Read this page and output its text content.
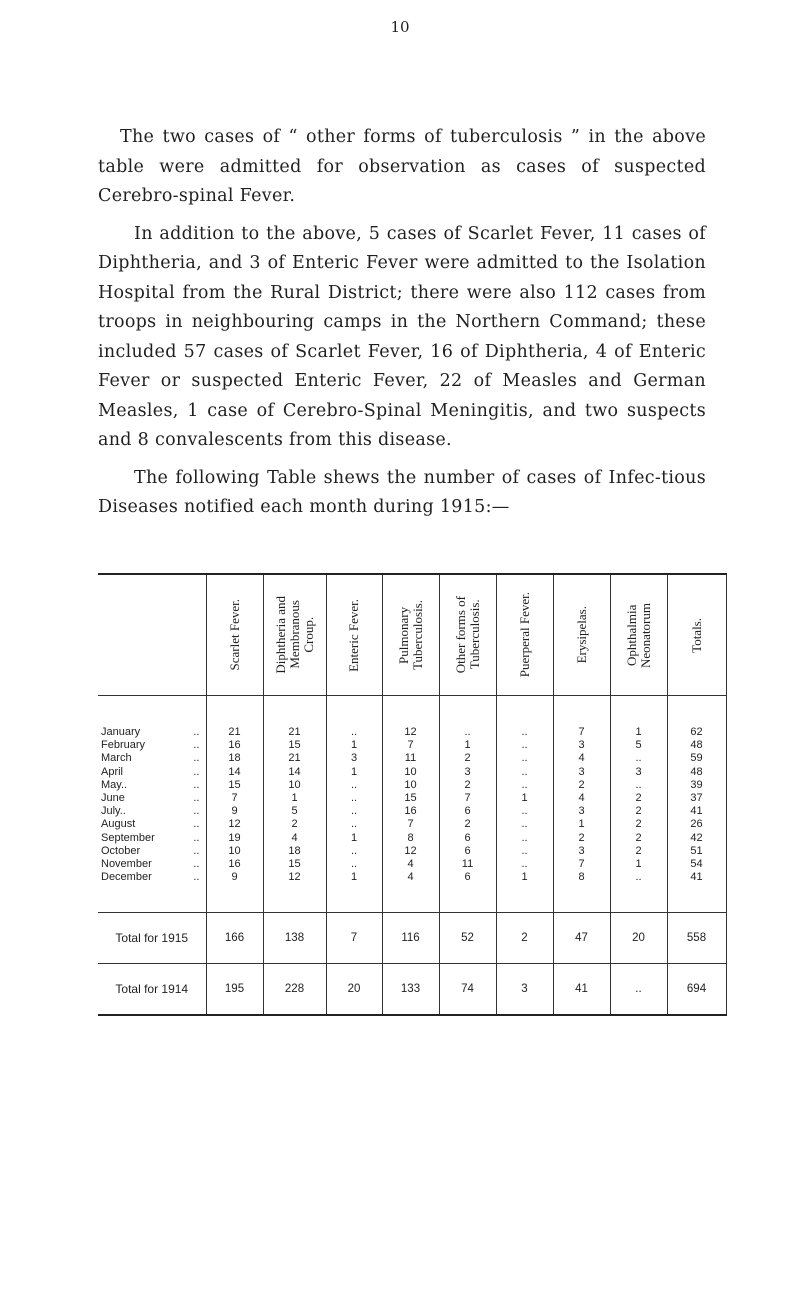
10

The two cases of “ other forms of tuberculosis ” in the above table were admitted for observation as cases of suspected Cerebro-spinal Fever.

In addition to the above, 5 cases of Scarlet Fever, 11 cases of Diphtheria, and 3 of Enteric Fever were admitted to the Isolation Hospital from the Rural District; there were also 112 cases from troops in neighbouring camps in the Northern Command; these included 57 cases of Scarlet Fever, 16 of Diphtheria, 4 of Enteric Fever or suspected Enteric Fever, 22 of Measles and German Measles, 1 case of Cerebro-Spinal Meningitis, and two suspects and 8 convalescents from this disease.

The following Table shews the number of cases of Infec-tious Diseases notified each month during 1915:—

	Scarlet Fever.	Diphtheria and
Membranous
Croup.	Enteric Fever.	Pulmonary
Tuberculosis.	Other forms of
Tuberculosis.	Puerperal Fever.	Erysipelas.	Ophthalmia
Neonatorum	Totals.

January ..	21	21	..	12	..	..	7	1	62

February ..	16	15	1	7	1	..	3	5	48

March ..	18	21	3	11	2	..	4	..	59

April ..	14	14	1	10	3	..	3	3	48

May.. ..	15	10	..	10	2	..	2	..	39

June ..	7	1	..	15	7	1	4	2	37

July.. ..	9	5	..	16	6	..	3	2	41

August ..	12	2	..	7	2	..	1	2	26

September ..	19	4	1	8	6	..	2	2	42

October ..	10	18	..	12	6	..	3	2	51

November ..	16	15	..	4	11	..	7	1	54

December ..	9	12	1	4	6	1	8	..	41
Total for 1915	166	138	7	116	52	2	47	20	558
Total for 1914	195	228	20	133	74	3	41	..	694
